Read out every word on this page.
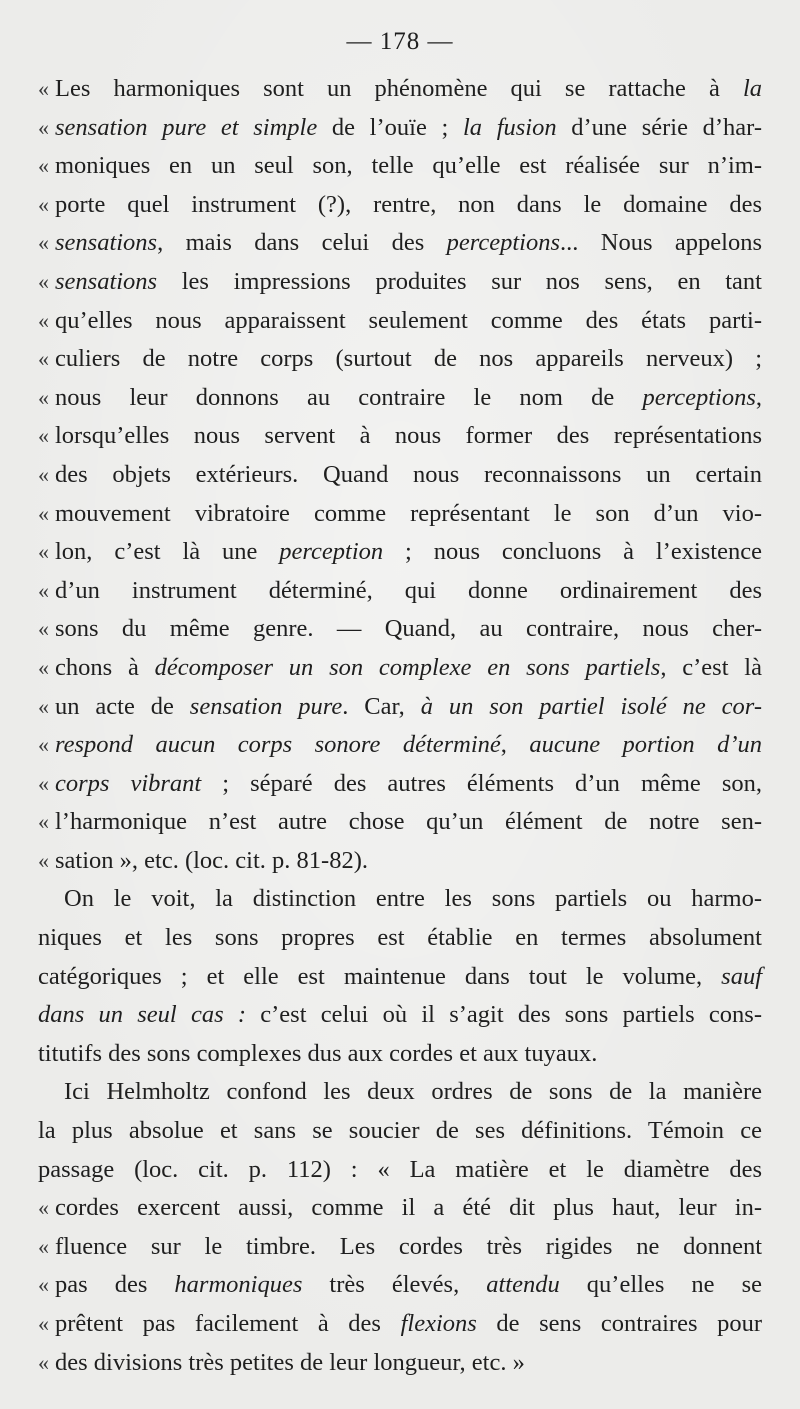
— 178 —
« Les harmoniques sont un phénomène qui se rattache à la
« sensation pure et simple de l’ouïe ; la fusion d’une série d’har-
« moniques en un seul son, telle qu’elle est réalisée sur n’im-
« porte quel instrument (?), rentre, non dans le domaine des
« sensations, mais dans celui des perceptions... Nous appelons
« sensations les impressions produites sur nos sens, en tant
« qu’elles nous apparaissent seulement comme des états parti-
« culiers de notre corps (surtout de nos appareils nerveux) ;
« nous leur donnons au contraire le nom de perceptions,
« lorsqu’elles nous servent à nous former des représentations
« des objets extérieurs. Quand nous reconnaissons un certain
« mouvement vibratoire comme représentant le son d’un vio-
« lon, c’est là une perception ; nous concluons à l’existence
« d’un instrument déterminé, qui donne ordinairement des
« sons du même genre. — Quand, au contraire, nous cher-
« chons à décomposer un son complexe en sons partiels, c’est là
« un acte de sensation pure. Car, à un son partiel isolé ne cor-
« respond aucun corps sonore déterminé, aucune portion d’un
« corps vibrant ; séparé des autres éléments d’un même son,
« l’harmonique n’est autre chose qu’un élément de notre sen-
« sation », etc. (loc. cit. p. 81-82).
On le voit, la distinction entre les sons partiels ou harmo-
niques et les sons propres est établie en termes absolument
catégoriques ; et elle est maintenue dans tout le volume, sauf
dans un seul cas : c’est celui où il s’agit des sons partiels cons-
titutifs des sons complexes dus aux cordes et aux tuyaux.
Ici Helmholtz confond les deux ordres de sons de la manière
la plus absolue et sans se soucier de ses définitions. Témoin ce
passage (loc. cit. p. 112) : « La matière et le diamètre des
« cordes exercent aussi, comme il a été dit plus haut, leur in-
« fluence sur le timbre. Les cordes très rigides ne donnent
« pas des harmoniques très élevés, attendu qu’elles ne se
« prêtent pas facilement à des flexions de sens contraires pour
« des divisions très petites de leur longueur, etc. »
